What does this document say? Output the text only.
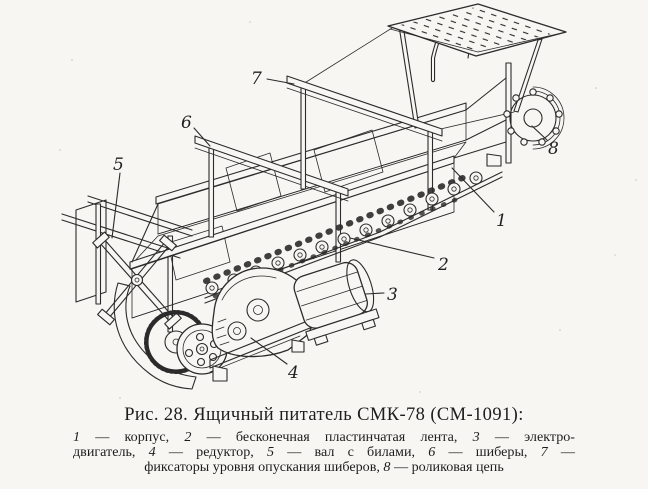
1
2
3
4
5
6
7
8
Рис. 28. Ящичный питатель СМК-78 (СМ-1091):
1 — корпус, 2 — бесконечная пластинчатая лента, 3 — электро-
двигатель, 4 — редуктор, 5 — вал с билами, 6 — шиберы, 7 —
фиксаторы уровня опускания шиберов, 8 — роликовая цепь
